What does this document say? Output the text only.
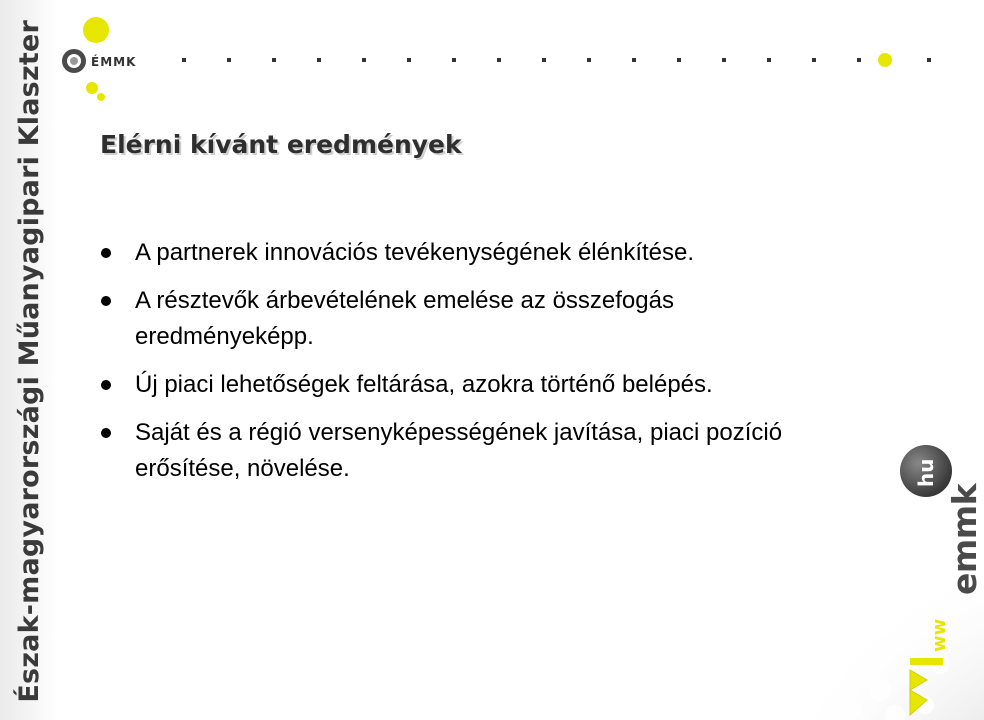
Észak-magyarországi Műanyagipari Klaszter	ÉMMK
Elérni kívánt eredmények
A partnerek innovációs tevékenységének élénkítése.
A résztevők árbevételének emelése az összefogás eredményeképp.
Új piaci lehetőségek feltárása, azokra történő belépés.
Saját és a régió versenyképességének javítása, piaci pozíció erősítése, növelése.	hu
emmk
ww
